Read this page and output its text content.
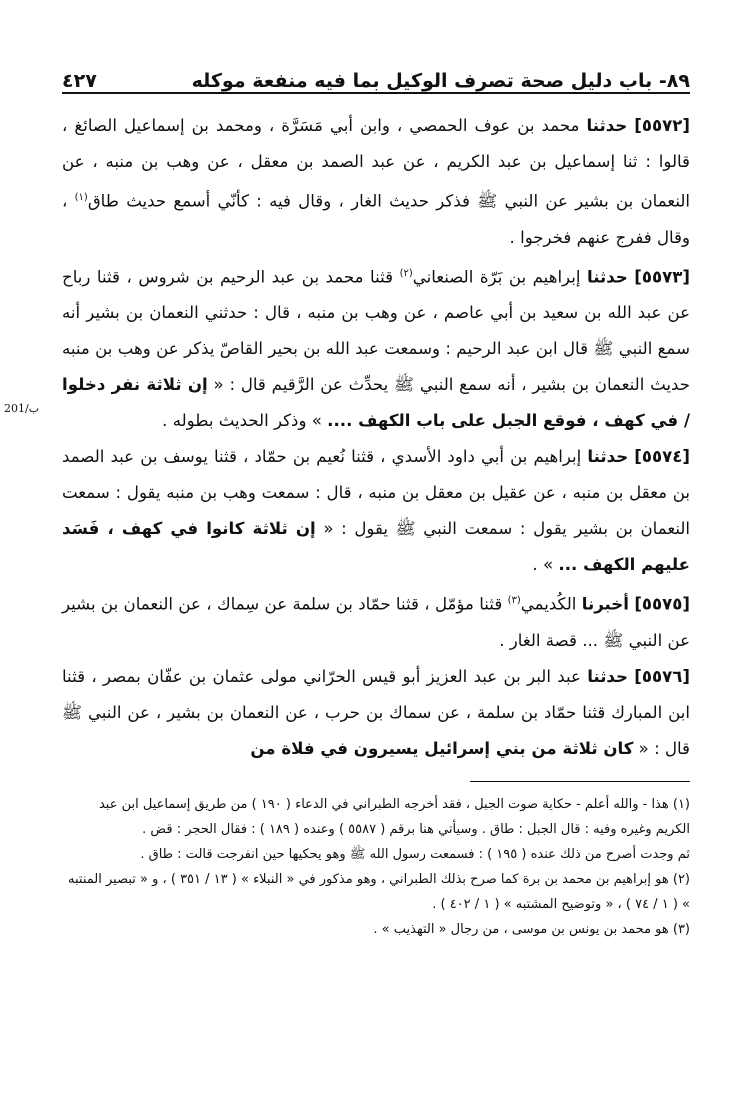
٨٩- باب دليل صحة تصرف الوكيل بما فيه منفعة موكله
٤٢٧
201/ب

[٥٥٧٢] حدثنا محمد بن عوف الحمصي ، وابن أبي مَسَرَّة ، ومحمد بن إسماعيل الصائغ ، قالوا : ثنا إسماعيل بن عبد الكريم ، عن عبد الصمد بن معقل ، عن وهب بن منبه ، عن النعمان بن بشير عن النبي ﷺ فذكر حديث الغار ، وقال فيه : كأنّي أسمع حديث طاق$^{(١)}$ ، وقال ففرج عنهم فخرجوا .

[٥٥٧٣] حدثنا إبراهيم بن بَرّة الصنعاني$^{(٢)}$ قثنا محمد بن عبد الرحيم بن شروس ، قثنا رباح عن عبد الله بن سعيد بن أبي عاصم ، عن وهب بن منبه ، قال : حدثني النعمان بن بشير أنه سمع النبي ﷺ قال ابن عبد الرحيم : وسمعت عبد الله بن بحير القاصّ يذكر عن وهب بن منبه حديث النعمان بن بشير ، أنه سمع النبي ﷺ يحدِّث عن الرَّقيم قال : « إن ثلاثة نفر دخلوا / في كهف ، فوقع الجبل على باب الكهف .... » وذكر الحديث بطوله .

[٥٥٧٤] حدثنا إبراهيم بن أبي داود الأسدي ، قثنا نُعيم بن حمّاد ، قثنا يوسف بن عبد الصمد بن معقل بن منبه ، عن عقيل بن معقل بن منبه ، قال : سمعت وهب بن منبه يقول : سمعت النعمان بن بشير يقول : سمعت النبي ﷺ يقول : « إن ثلاثة كانوا في كهف ، فَسَد عليهم الكهف ... » .

[٥٥٧٥] أخبرنا الكُديمي$^{(٣)}$ قثنا مؤمّل ، قثنا حمّاد بن سلمة عن سِماك ، عن النعمان بن بشير عن النبي ﷺ ... قصة الغار .

[٥٥٧٦] حدثنا عبد البر بن عبد العزيز أبو قيس الحرّاني مولى عثمان بن عفّان بمصر ، قثنا ابن المبارك قثنا حمّاد بن سلمة ، عن سماك بن حرب ، عن النعمان بن بشير ، عن النبي ﷺ قال : « كان ثلاثة من بني إسرائيل يسيرون في فلاة من

(١) هذا - والله أعلم - حكاية صوت الجبل ، فقد أخرجه الطبراني في الدعاء ( ١٩٠ ) من طريق إسماعيل ابن عبد الكريم وغيره وفيه : قال الجبل : طاق . وسيأتي هنا برقم ( ٥٥٨٧ ) وعنده ( ١٨٩ ) : فقال الحجر : قض .

ثم وجدت أصرح من ذلك عنده ( ١٩٥ ) : فسمعت رسول الله ﷺ وهو يحكيها حين انفرجت قالت : طاق .

(٢) هو إبراهيم بن محمد بن برة كما صرح بذلك الطبراني ، وهو مذكور في « النبلاء » ( ١٣ / ٣٥١ ) ، و « تبصير المنتبه » ( ١ / ٧٤ ) ، « وتوضيح المشتبه » ( ١ / ٤٠٢ ) .

(٣) هو محمد بن يونس بن موسى ، من رجال « التهذيب » .
